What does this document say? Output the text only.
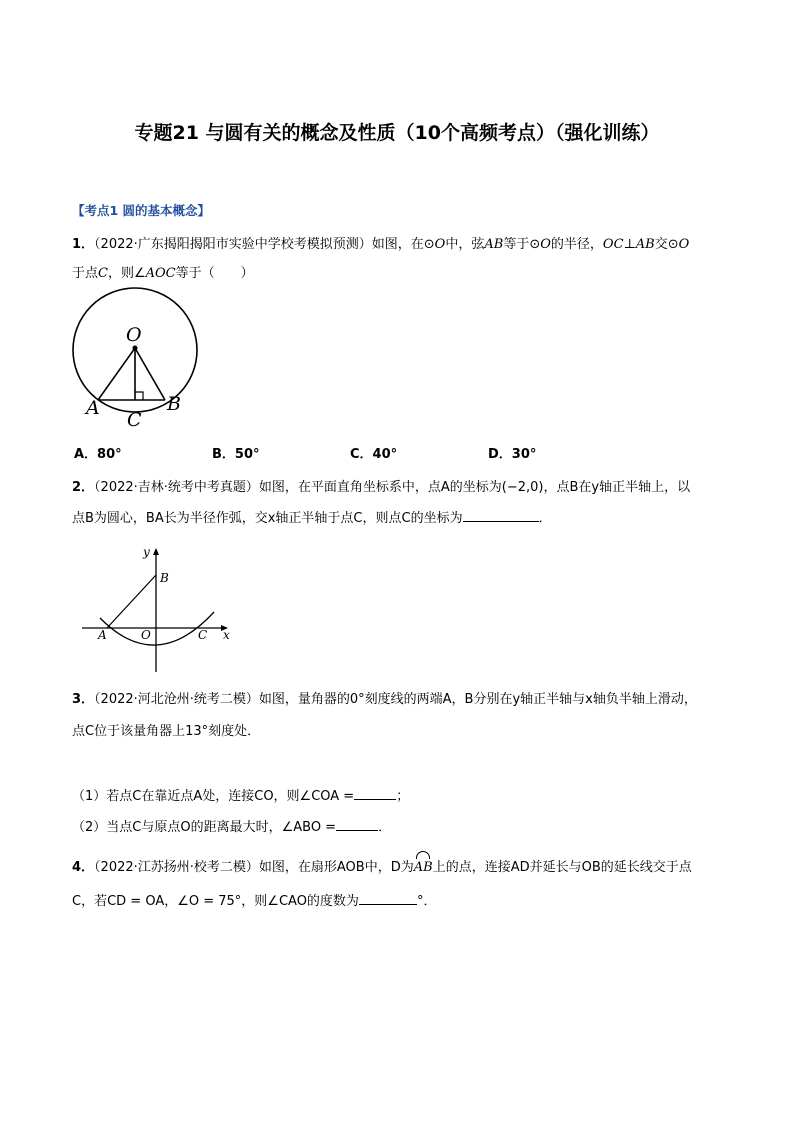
专题21 与圆有关的概念及性质（10个高频考点）（强化训练）
【考点1 圆的基本概念】
1．（2022·广东揭阳揭阳市实验中学校考模拟预测）如图，在⊙O中，弦AB等于⊙O的半径，OC⊥AB交⊙O
于点C，则∠AOC等于（　　）
O
A	B
C
A．80°	B．50°	C．40°	D．30°
2．（2022·吉林·统考中考真题）如图，在平面直角坐标系中，点A的坐标为(−2,0)，点B在y轴正半轴上，以
点B为圆心，BA长为半径作弧，交x轴正半轴于点C，则点C的坐标为	．
y
x
B
A	O	C
3．（2022·河北沧州·统考二模）如图，量角器的0°刻度线的两端A，B分别在y轴正半轴与x轴负半轴上滑动，
点C位于该量角器上13°刻度处．
（1）若点C在靠近点A处，连接CO，则∠COA =	；
（2）当点C与原点O的距离最大时，∠ABO =	．
4．（2022·江苏扬州·校考二模）如图，在扇形AOB中，D为
AB上的点，连接AD并延长与OB的延长线交于点
C，若CD = OA，∠O = 75°，则∠CAO的度数为	°．
